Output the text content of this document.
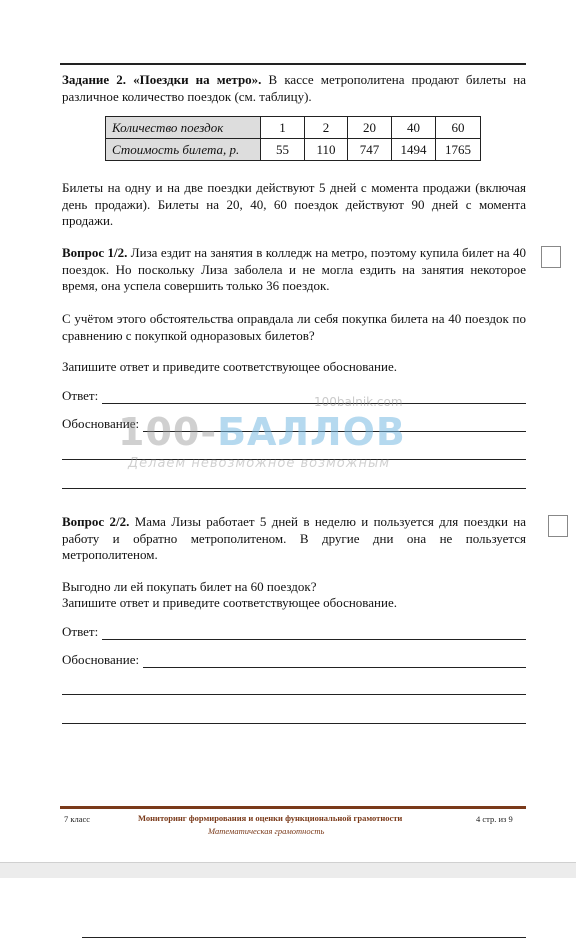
Задание 2. «Поездки на метро». В кассе метрополитена продают билеты на различное количество поездок (см. таблицу).
Количество поездок	1	2	20	40	60
Стоимость билета, р.	55	110	747	1494	1765
Билеты на одну и на две поездки действуют 5 дней с момента продажи (включая день продажи). Билеты на 20, 40, 60 поездок действуют 90 дней с момента продажи.
Вопрос 1/2. Лиза ездит на занятия в колледж на метро, поэтому купила билет на 40 поездок. Но поскольку Лиза заболела и не могла ездить на занятия некоторое время, она успела совершить только 36 поездок.
С учётом этого обстоятельства оправдала ли себя покупка билета на 40 поездок по сравнению с покупкой одноразовых билетов?
Запишите ответ и приведите соответствующее обоснование.
Ответ:
Обоснование:
100balnik.com
100-БАЛЛОВ
Делаем невозможное возможным
Вопрос 2/2. Мама Лизы работает 5 дней в неделю и пользуется для поездки на работу и обратно метрополитеном. В другие дни она не пользуется метрополитеном.
Выгодно ли ей покупать билет на 60 поездок?
Запишите ответ и приведите соответствующее обоснование.
Ответ:
Обоснование:
7 класс	Мониторинг формирования и оценки функциональной грамотности
Математическая грамотность
4 стр. из 9
